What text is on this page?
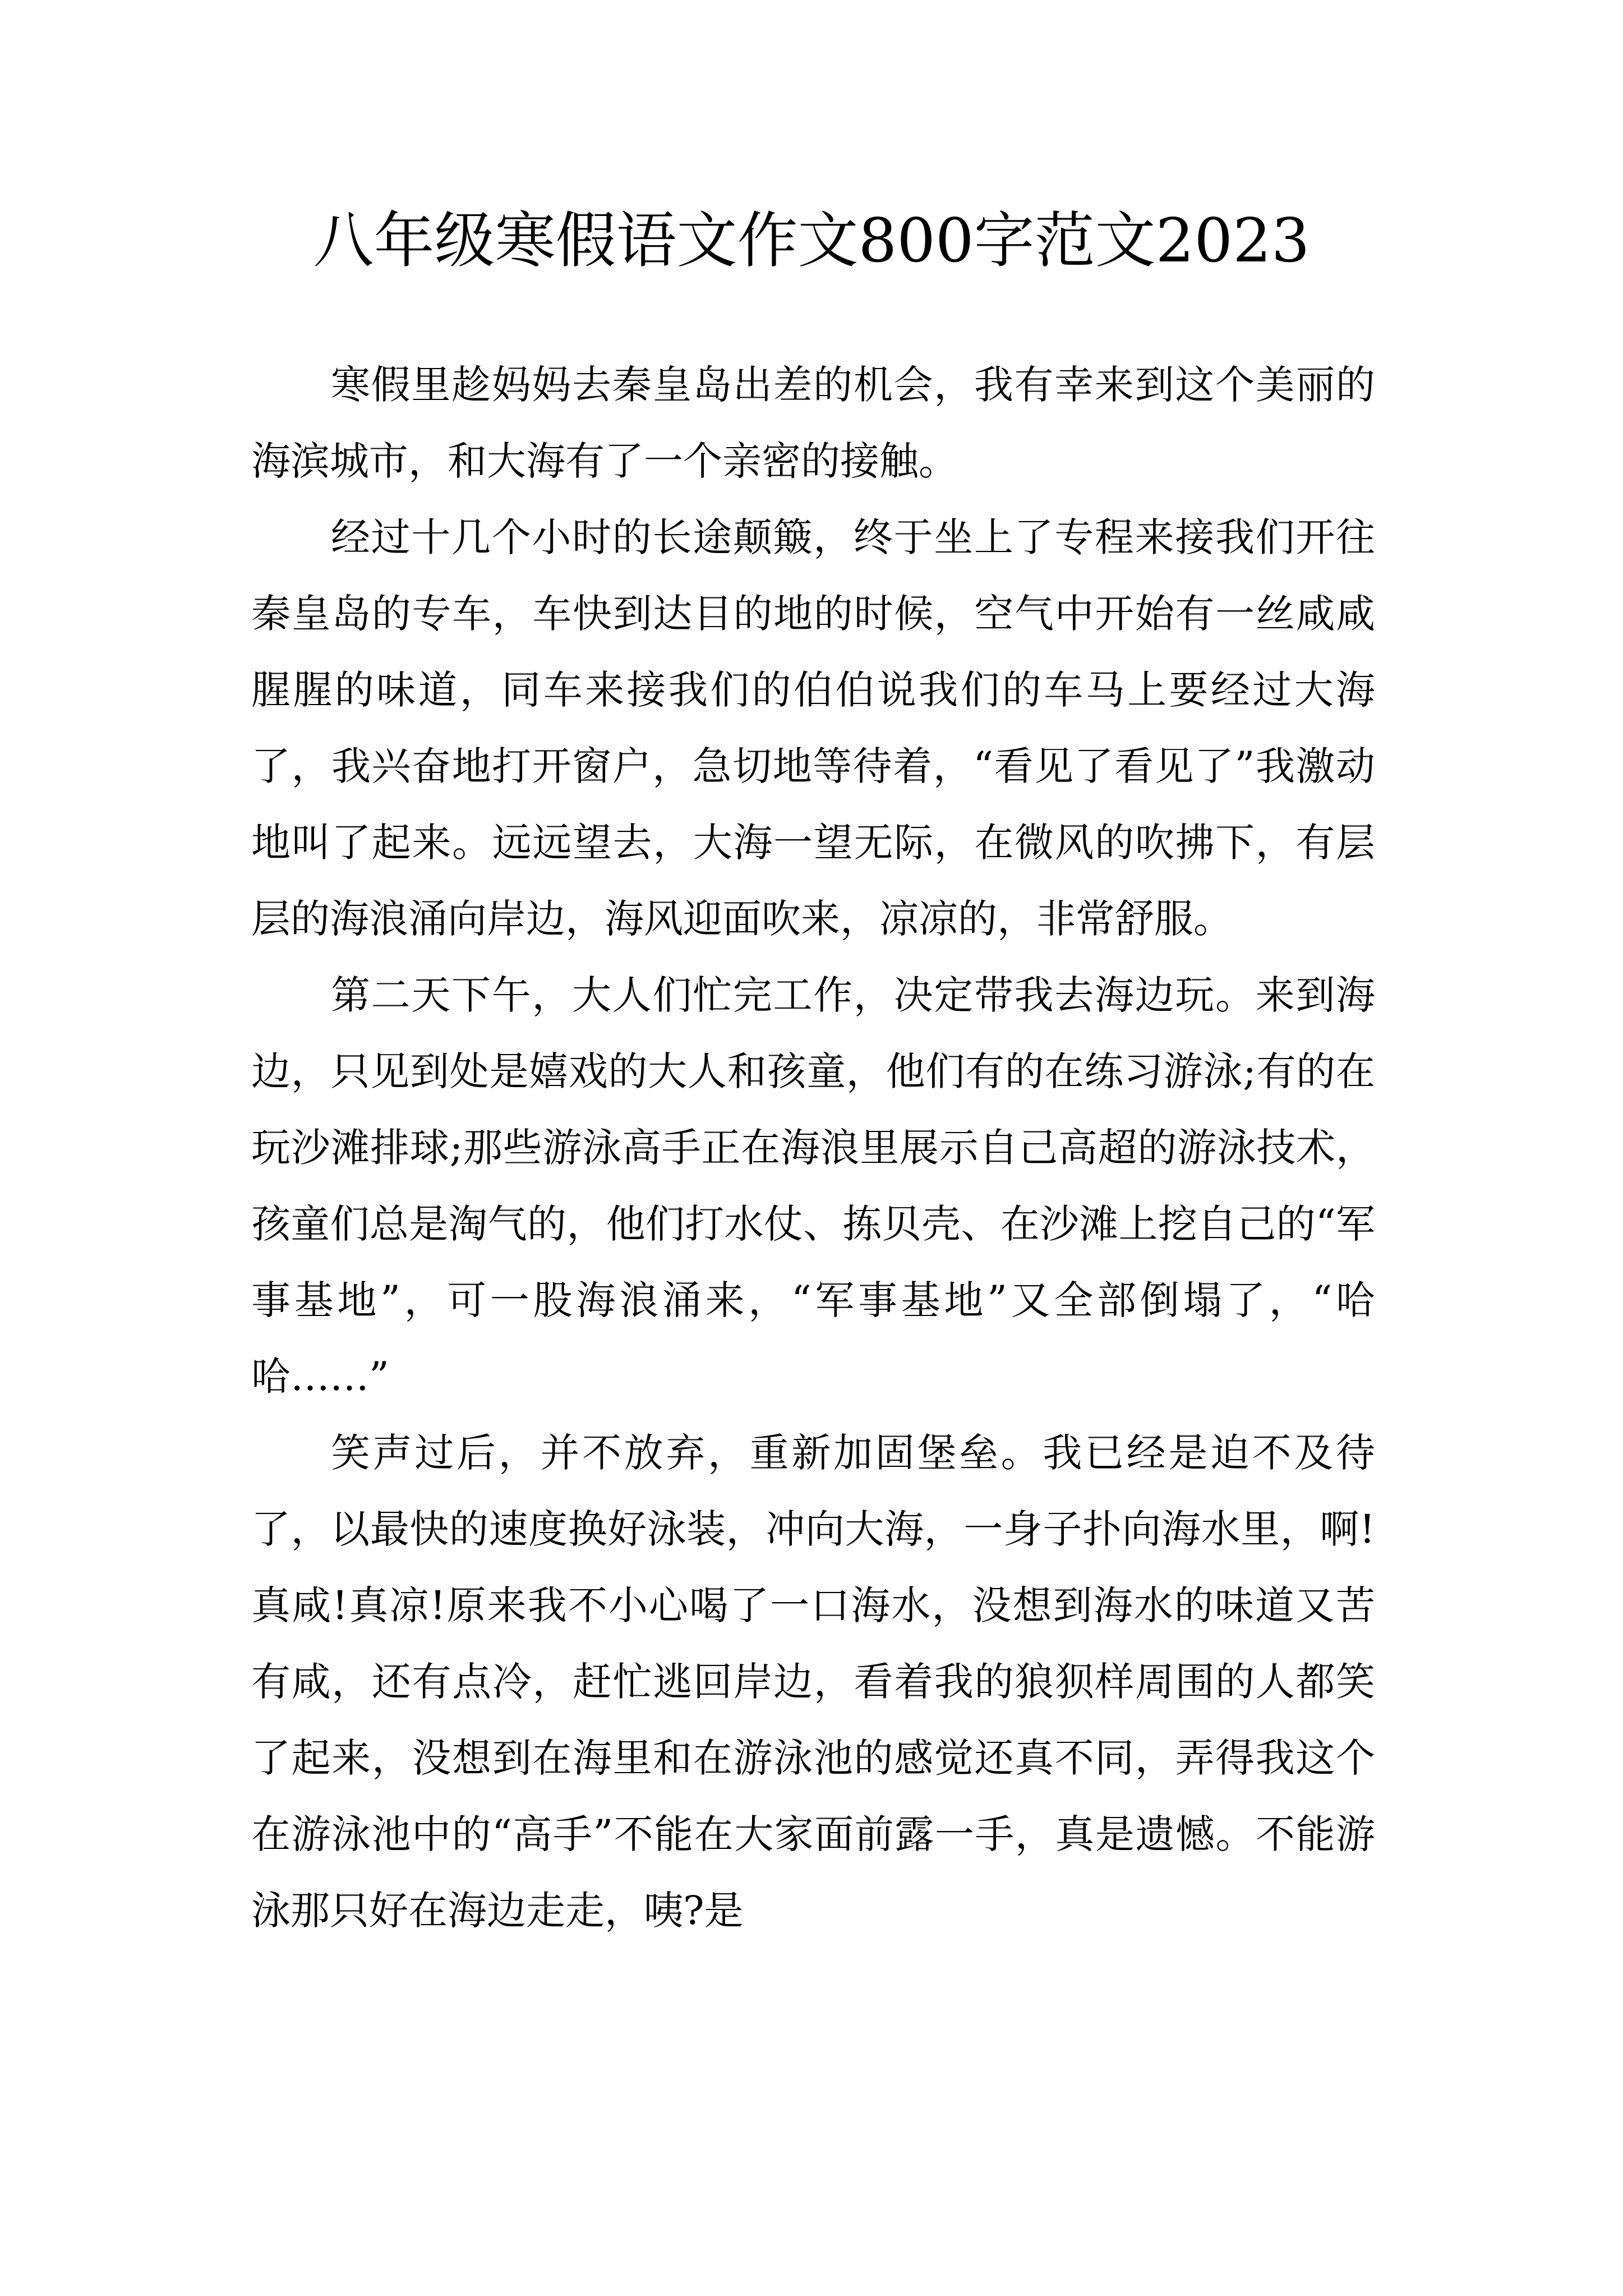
八年级寒假语文作文800字范文2023

寒假里趁妈妈去秦皇岛出差的机会，我有幸来到这个美丽的海滨城市，和大海有了一个亲密的接触。

经过十几个小时的长途颠簸，终于坐上了专程来接我们开往秦皇岛的专车，车快到达目的地的时候，空气中开始有一丝咸咸腥腥的味道，同车来接我们的伯伯说我们的车马上要经过大海了，我兴奋地打开窗户，急切地等待着，“看见了看见了”我激动地叫了起来。远远望去，大海一望无际，在微风的吹拂下，有层层的海浪涌向岸边，海风迎面吹来，凉凉的，非常舒服。

第二天下午，大人们忙完工作，决定带我去海边玩。来到海边，只见到处是嬉戏的大人和孩童，他们有的在练习游泳;有的在玩沙滩排球;那些游泳高手正在海浪里展示自己高超的游泳技术，孩童们总是淘气的，他们打水仗、拣贝壳、在沙滩上挖自己的“军事基地”，可一股海浪涌来，“军事基地”又全部倒塌了，“哈哈……”

笑声过后，并不放弃，重新加固堡垒。我已经是迫不及待了，以最快的速度换好泳装，冲向大海，一身子扑向海水里，啊!真咸!真凉!原来我不小心喝了一口海水，没想到海水的味道又苦有咸，还有点冷，赶忙逃回岸边，看着我的狼狈样周围的人都笑了起来，没想到在海里和在游泳池的感觉还真不同，弄得我这个在游泳池中的“高手”不能在大家面前露一手，真是遗憾。不能游泳那只好在海边走走，咦?是
